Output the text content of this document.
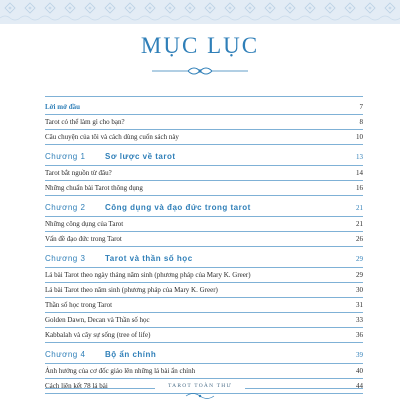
MỤC LỤC
Lời mở đầu	7
Tarot có thể làm gì cho bạn?	8
Câu chuyện của tôi và cách dùng cuốn sách này	10
Chương 1	Sơ lược về tarot	13
Tarot bắt nguồn từ đâu?	14
Những chuẩn bài Tarot thông dụng	16
Chương 2	Công dụng và đạo đức trong tarot	21
Những công dụng của Tarot	21
Vấn đề đạo đức trong Tarot	26
Chương 3	Tarot và thần số học	29
Lá bài Tarot theo ngày tháng năm sinh (phương pháp của Mary K. Greer)	29
Lá bài Tarot theo năm sinh (phương pháp của Mary K. Greer)	30
Thần số học trong Tarot	31
Golden Dawn, Decan và Thần số học	33
Kabbalah và cây sự sống (tree of life)	36
Chương 4	Bộ ẩn chính	39
Ảnh hưởng của cơ đốc giáo lên những lá bài ẩn chính	40
Cách liên kết 78 lá bài	44
TAROT TOÀN THƯ
